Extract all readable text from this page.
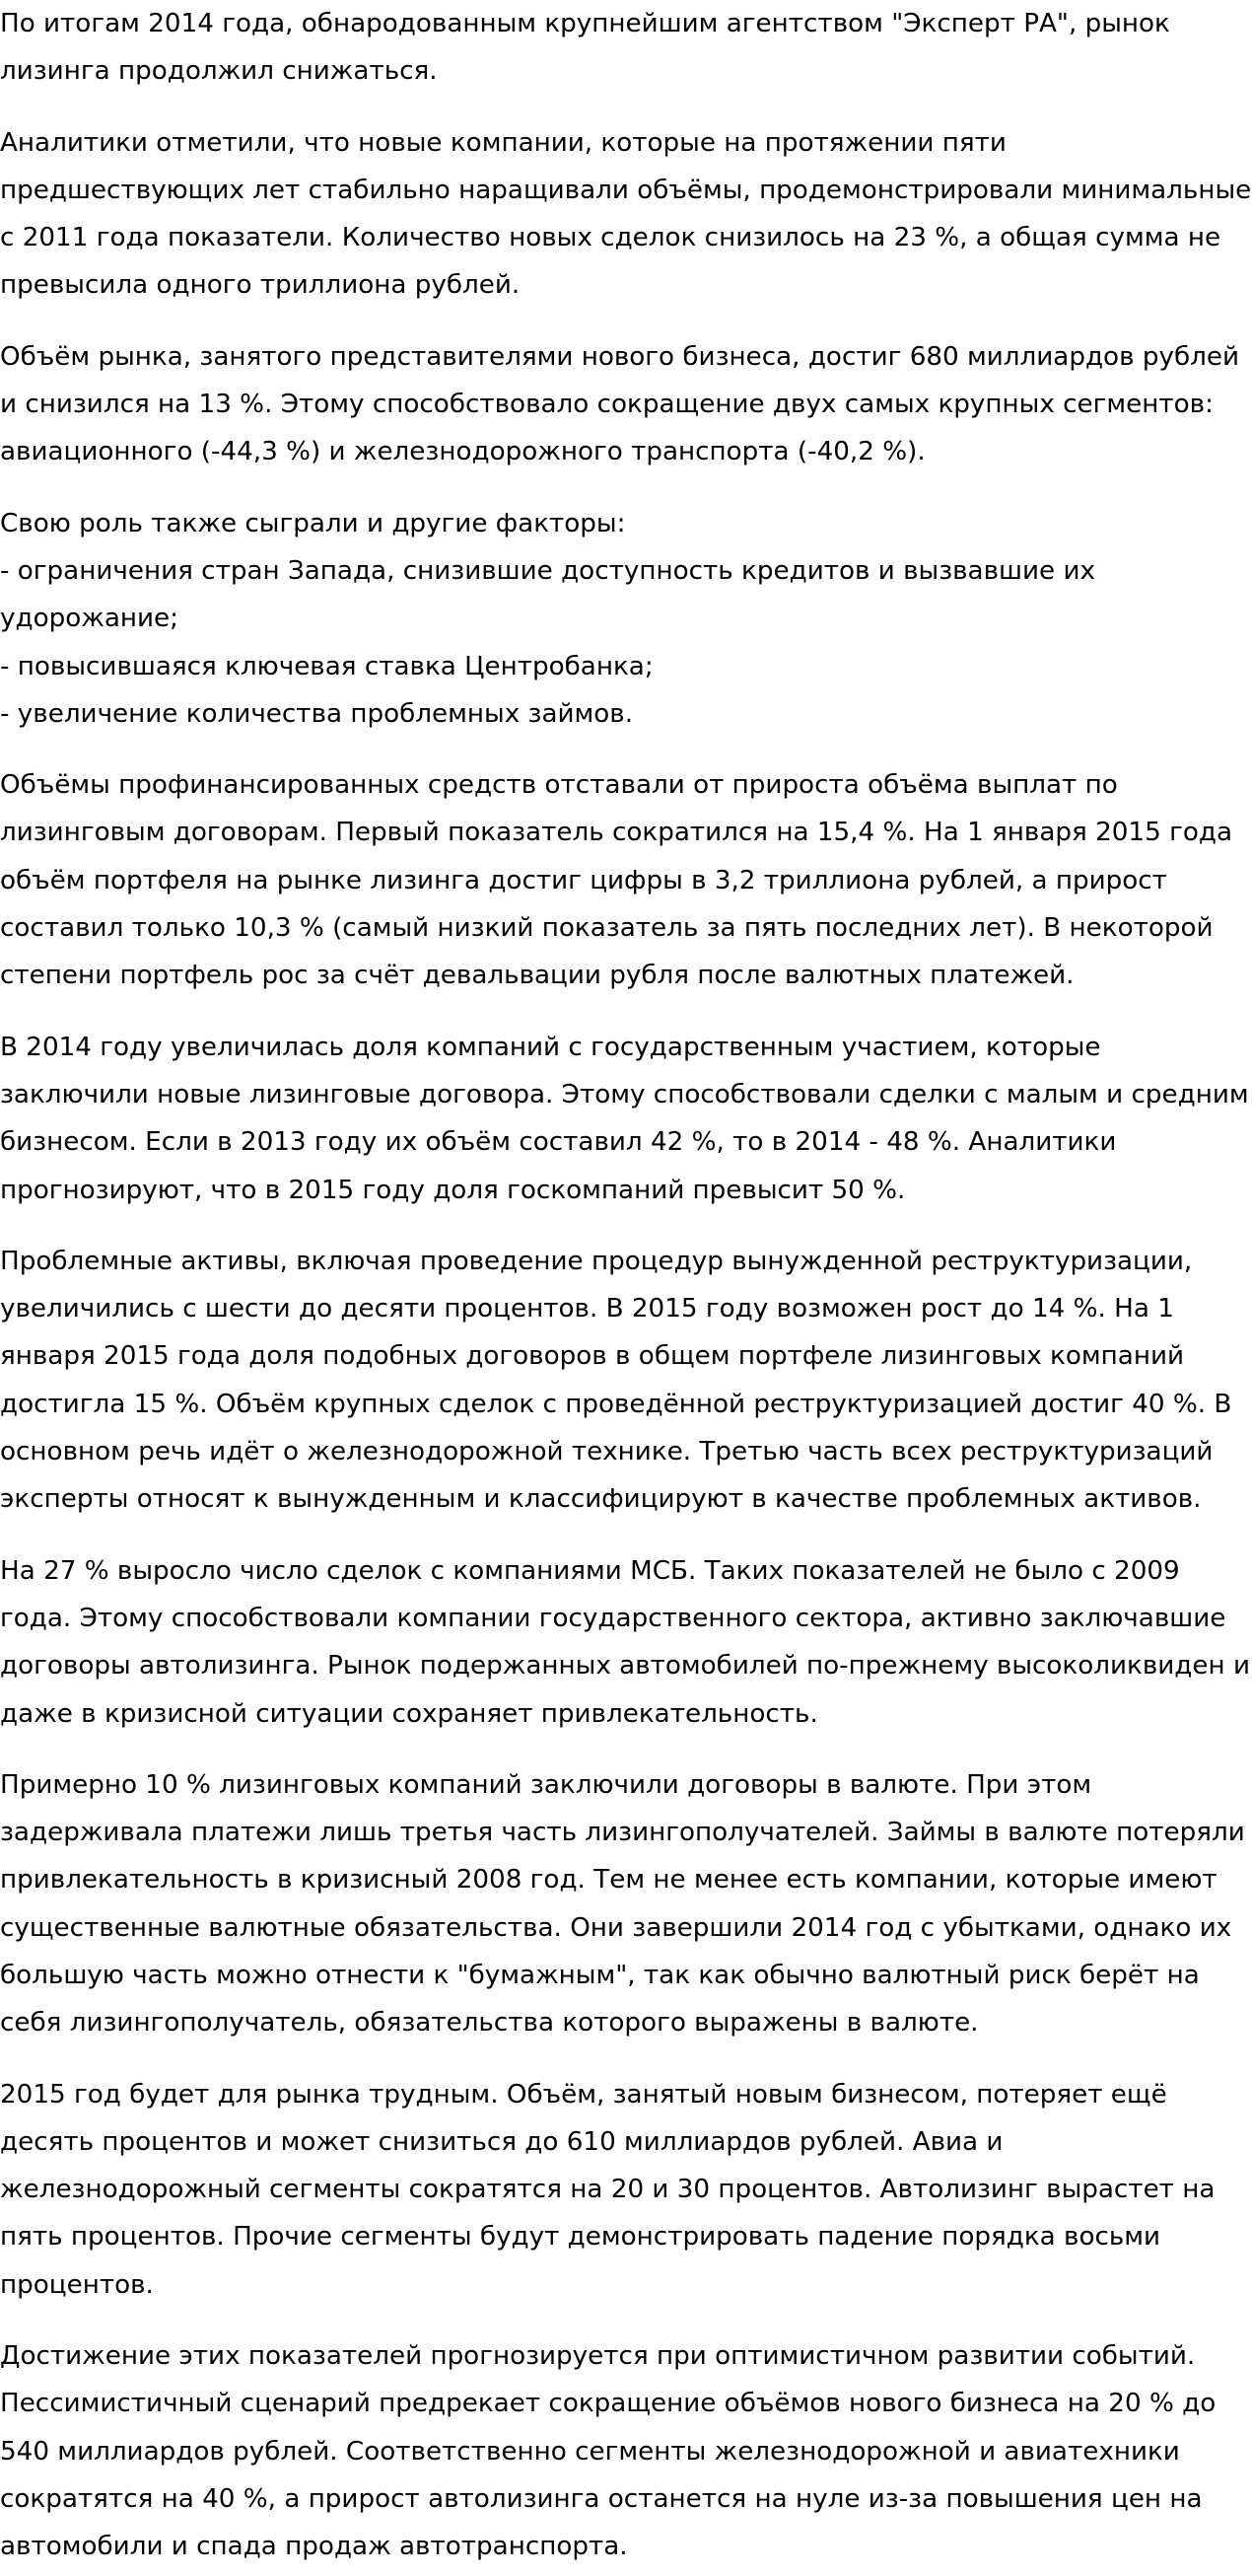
По итогам 2014 года, обнародованным крупнейшим агентством "Эксперт РА", рынок лизинга продолжил снижаться.

Аналитики отметили, что новые компании, которые на протяжении пяти предшествующих лет стабильно наращивали объёмы, продемонстрировали минимальные с 2011 года показатели. Количество новых сделок снизилось на 23 %, а общая сумма не превысила одного триллиона рублей.

Объём рынка, занятого представителями нового бизнеса, достиг 680 миллиардов рублей и снизился на 13 %. Этому способствовало сокращение двух самых крупных сегментов: авиационного (-44,3 %) и железнодорожного транспорта (-40,2 %).

Свою роль также сыграли и другие факторы:
- ограничения стран Запада, снизившие доступность кредитов и вызвавшие их удорожание;
- повысившаяся ключевая ставка Центробанка;
- увеличение количества проблемных займов.

Объёмы профинансированных средств отставали от прироста объёма выплат по лизинговым договорам. Первый показатель сократился на 15,4 %. На 1 января 2015 года объём портфеля на рынке лизинга достиг цифры в 3,2 триллиона рублей, а прирост составил только 10,3 % (самый низкий показатель за пять последних лет). В некоторой степени портфель рос за счёт девальвации рубля после валютных платежей.

В 2014 году увеличилась доля компаний с государственным участием, которые заключили новые лизинговые договора. Этому способствовали сделки с малым и средним бизнесом. Если в 2013 году их объём составил 42 %, то в 2014 - 48 %. Аналитики прогнозируют, что в 2015 году доля госкомпаний превысит 50 %.

Проблемные активы, включая проведение процедур вынужденной реструктуризации, увеличились с шести до десяти процентов. В 2015 году возможен рост до 14 %. На 1 января 2015 года доля подобных договоров в общем портфеле лизинговых компаний достигла 15 %. Объём крупных сделок с проведённой реструктуризацией достиг 40 %. В основном речь идёт о железнодорожной технике. Третью часть всех реструктуризаций эксперты относят к вынужденным и классифицируют в качестве проблемных активов.

На 27 % выросло число сделок с компаниями МСБ. Таких показателей не было с 2009 года. Этому способствовали компании государственного сектора, активно заключавшие договоры автолизинга. Рынок подержанных автомобилей по-прежнему высоколиквиден и даже в кризисной ситуации сохраняет привлекательность.

Примерно 10 % лизинговых компаний заключили договоры в валюте. При этом задерживала платежи лишь третья часть лизингополучателей. Займы в валюте потеряли привлекательность в кризисный 2008 год. Тем не менее есть компании, которые имеют существенные валютные обязательства. Они завершили 2014 год с убытками, однако их большую часть можно отнести к "бумажным", так как обычно валютный риск берёт на себя лизингополучатель, обязательства которого выражены в валюте.

2015 год будет для рынка трудным. Объём, занятый новым бизнесом, потеряет ещё десять процентов и может снизиться до 610 миллиардов рублей. Авиа и железнодорожный сегменты сократятся на 20 и 30 процентов. Автолизинг вырастет на пять процентов. Прочие сегменты будут демонстрировать падение порядка восьми процентов.

Достижение этих показателей прогнозируется при оптимистичном развитии событий. Пессимистичный сценарий предрекает сокращение объёмов нового бизнеса на 20 % до 540 миллиардов рублей. Соответственно сегменты железнодорожной и авиатехники сократятся на 40 %, а прирост автолизинга останется на нуле из-за повышения цен на автомобили и спада продаж автотранспорта.
